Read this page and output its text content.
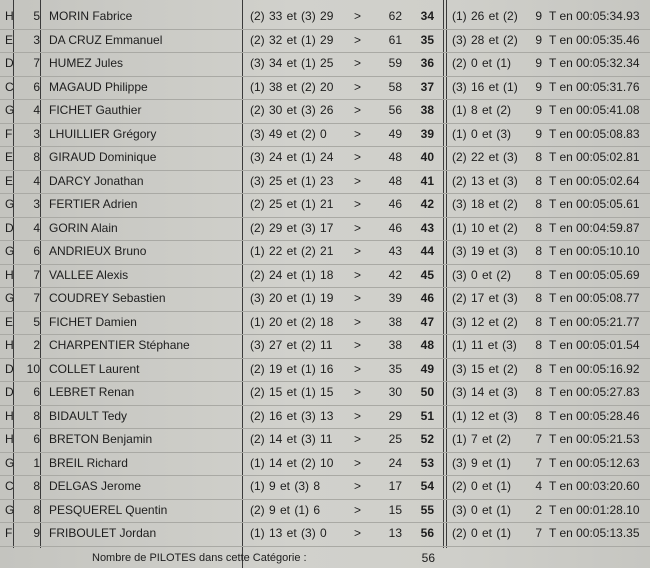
H	5 MORIN Fabrice	(2) 33 et (3) 29 >	62	34 (1) 26 et (2)	9 T en 00:05:34.93
E	3 DA CRUZ Emmanuel	(2) 32 et (1) 29 >	61	35 (3) 28 et (2)	9 T en 00:05:35.46
D	7 HUMEZ Jules	(3) 34 et (1) 25 >	59	36 (2) 0 et (1)	9 T en 00:05:32.34
C	6 MAGAUD Philippe	(1) 38 et (2) 20 >	58	37 (3) 16 et (1)	9 T en 00:05:31.76
G	4 FICHET Gauthier	(2) 30 et (3) 26 >	56	38 (1) 8 et (2)	9 T en 00:05:41.08
F	3 LHUILLIER Grégory	(3) 49 et (2) 0 >	49	39 (1) 0 et (3)	9 T en 00:05:08.83
E	8 GIRAUD Dominique	(3) 24 et (1) 24 >	48	40 (2) 22 et (3)	8 T en 00:05:02.81
E	4 DARCY Jonathan	(3) 25 et (1) 23 >	48	41 (2) 13 et (3)	8 T en 00:05:02.64
G	3 FERTIER Adrien	(2) 25 et (1) 21 >	46	42 (3) 18 et (2)	8 T en 00:05:05.61
D	4 GORIN Alain	(2) 29 et (3) 17 >	46	43 (1) 10 et (2)	8 T en 00:04:59.87
G	6 ANDRIEUX Bruno	(1) 22 et (2) 21 >	43	44 (3) 19 et (3)	8 T en 00:05:10.10
H	7 VALLEE Alexis	(2) 24 et (1) 18 >	42	45 (3) 0 et (2)	8 T en 00:05:05.69
G	7 COUDREY Sebastien	(3) 20 et (1) 19 >	39	46 (2) 17 et (3)	8 T en 00:05:08.77
E	5 FICHET Damien	(1) 20 et (2) 18 >	38	47 (3) 12 et (2)	8 T en 00:05:21.77
H	2 CHARPENTIER Stéphane	(3) 27 et (2) 11 >	38	48 (1) 11 et (3)	8 T en 00:05:01.54
D	10 COLLET Laurent	(2) 19 et (1) 16 >	35	49 (3) 15 et (2)	8 T en 00:05:16.92
D	6 LEBRET Renan	(2) 15 et (1) 15 >	30	50 (3) 14 et (3)	8 T en 00:05:27.83
H	8 BIDAULT Tedy	(2) 16 et (3) 13 >	29	51 (1) 12 et (3)	8 T en 00:05:28.46
H	6 BRETON Benjamin	(2) 14 et (3) 11 >	25	52 (1) 7 et (2)	7 T en 00:05:21.53
G	1 BREIL Richard	(1) 14 et (2) 10 >	24	53 (3) 9 et (1)	7 T en 00:05:12.63
C	8 DELGAS Jerome	(1) 9 et (3) 8	>	17	54 (2) 0 et (1)	4 T en 00:03:20.60
G	8 PESQUEREL Quentin	(2) 9 et (1) 6	>	15	55 (3) 0 et (1)	2 T en 00:01:28.10
F	9 FRIBOULET Jordan	(1) 13 et (3) 0 >	13	56 (2) 0 et (1)	7 T en 00:05:13.35
Nombre de PILOTES dans cette Catégorie :	56
